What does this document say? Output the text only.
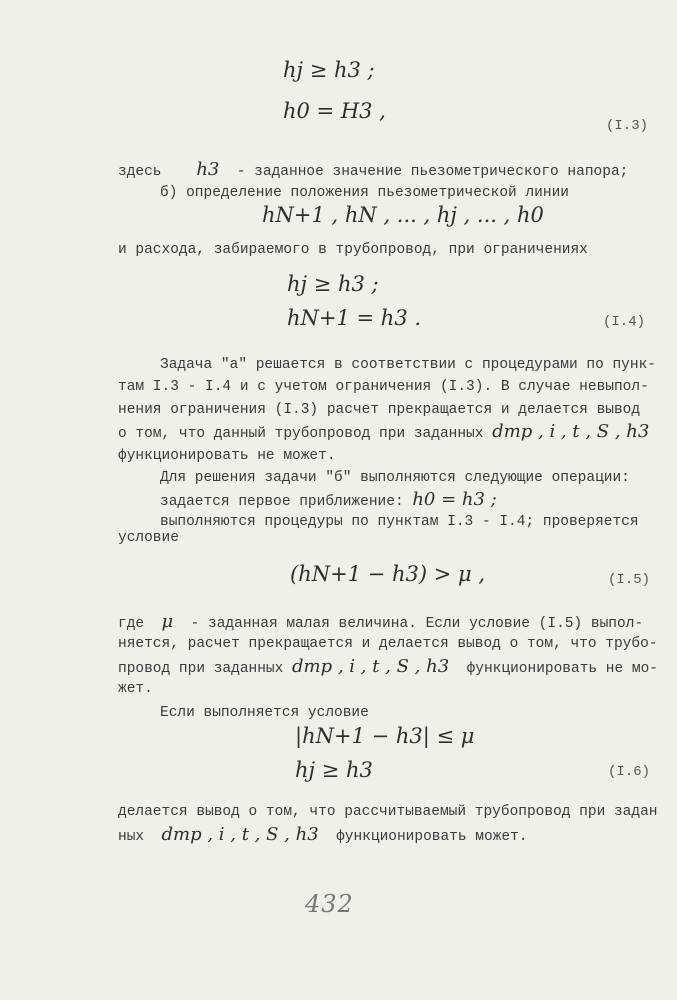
hj ≥ h3 ;
h0 = H3 ,
(I.3)
здесь h3 - заданное значение пьезометрического напора;
б) определение положения пьезометрической линии
hN+1 , hN , ... , hj , ... , h0
и расхода, забираемого в трубопровод, при ограничениях
hj ≥ h3 ;
hN+1 = h3 .	(I.4)
Задача "а" решается в соответствии с процедурами по пунк-
там I.3 - I.4 и с учетом ограничения (I.3). В случае невыпол-
нения ограничения (I.3) расчет прекращается и делается вывод
о том, что данный трубопровод при заданных dтр , i , t , S , h3
функционировать не может.
Для решения задачи "б" выполняются следующие операции:
задается первое приближение: h0 = h3 ;
выполняются процедуры по пунктам I.3 - I.4; проверяется
условие
(hN+1 − h3) > μ ,	(I.5)
где μ - заданная малая величина. Если условие (I.5) выпол-
няется, расчет прекращается и делается вывод о том, что трубо-
провод при заданных dтр , i , t , S , h3 функционировать не мо-
жет.
Если выполняется условие
|hN+1 − h3| ≤ μ
hj ≥ h3	(I.6)
делается вывод о том, что рассчитываемый трубопровод при задан
ных dтр , i , t , S , h3 функционировать может.
432
